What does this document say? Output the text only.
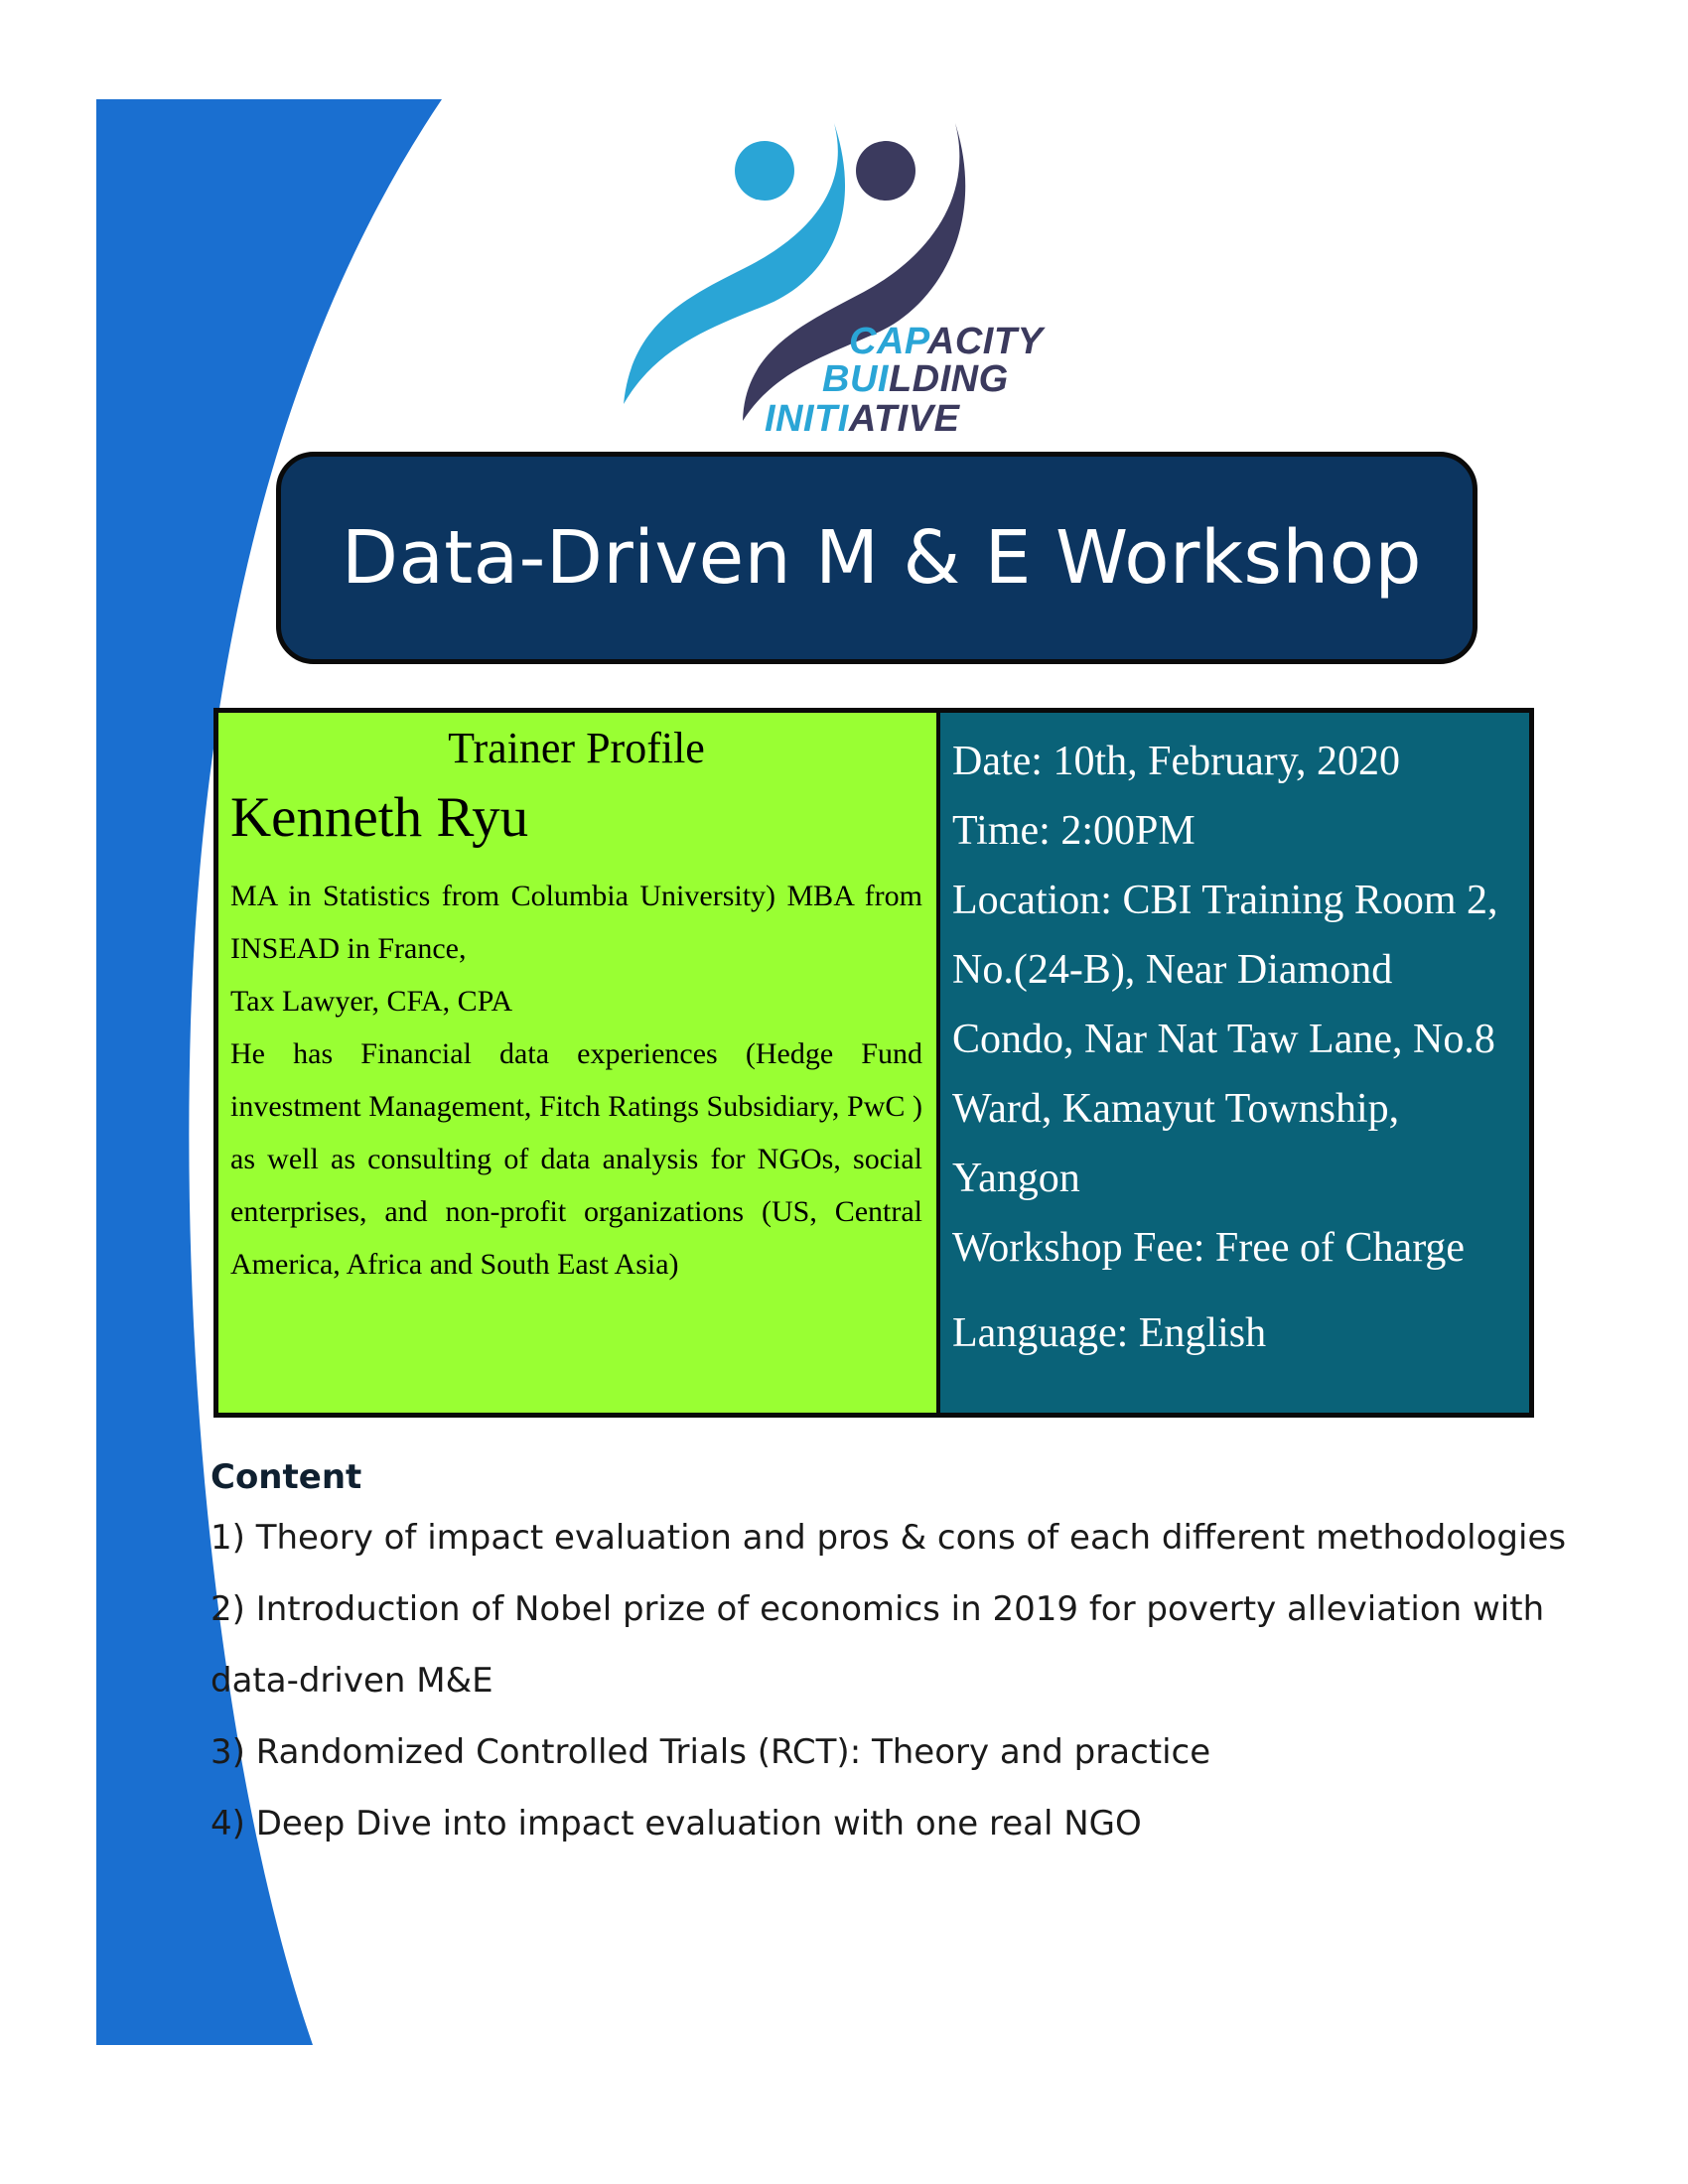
CAPACITY
BUILDING
INITIATIVE
Data-Driven M & E Workshop
Trainer Profile
Kenneth Ryu
MA in Statistics from Columbia University) MBA from INSEAD in France,
Tax Lawyer, CFA, CPA
He has Financial data experiences (Hedge Fund investment Management, Fitch Ratings Subsidiary, PwC ) as well as consulting of data analysis for NGOs, social enterprises, and non-profit organizations (US, Central America, Africa and South East Asia)
Date: 10th, February, 2020
Time: 2:00PM
Location: CBI Training Room 2, No.(24-B), Near Diamond Condo, Nar Nat Taw Lane, No.8 Ward, Kamayut Township, Yangon
Workshop Fee: Free of Charge
Language: English
Content
1) Theory of impact evaluation and pros & cons of each different methodologies
2) Introduction of Nobel prize of economics in 2019 for poverty alleviation with data-driven M&E
3) Randomized Controlled Trials (RCT): Theory and practice
4) Deep Dive into impact evaluation with one real NGO
